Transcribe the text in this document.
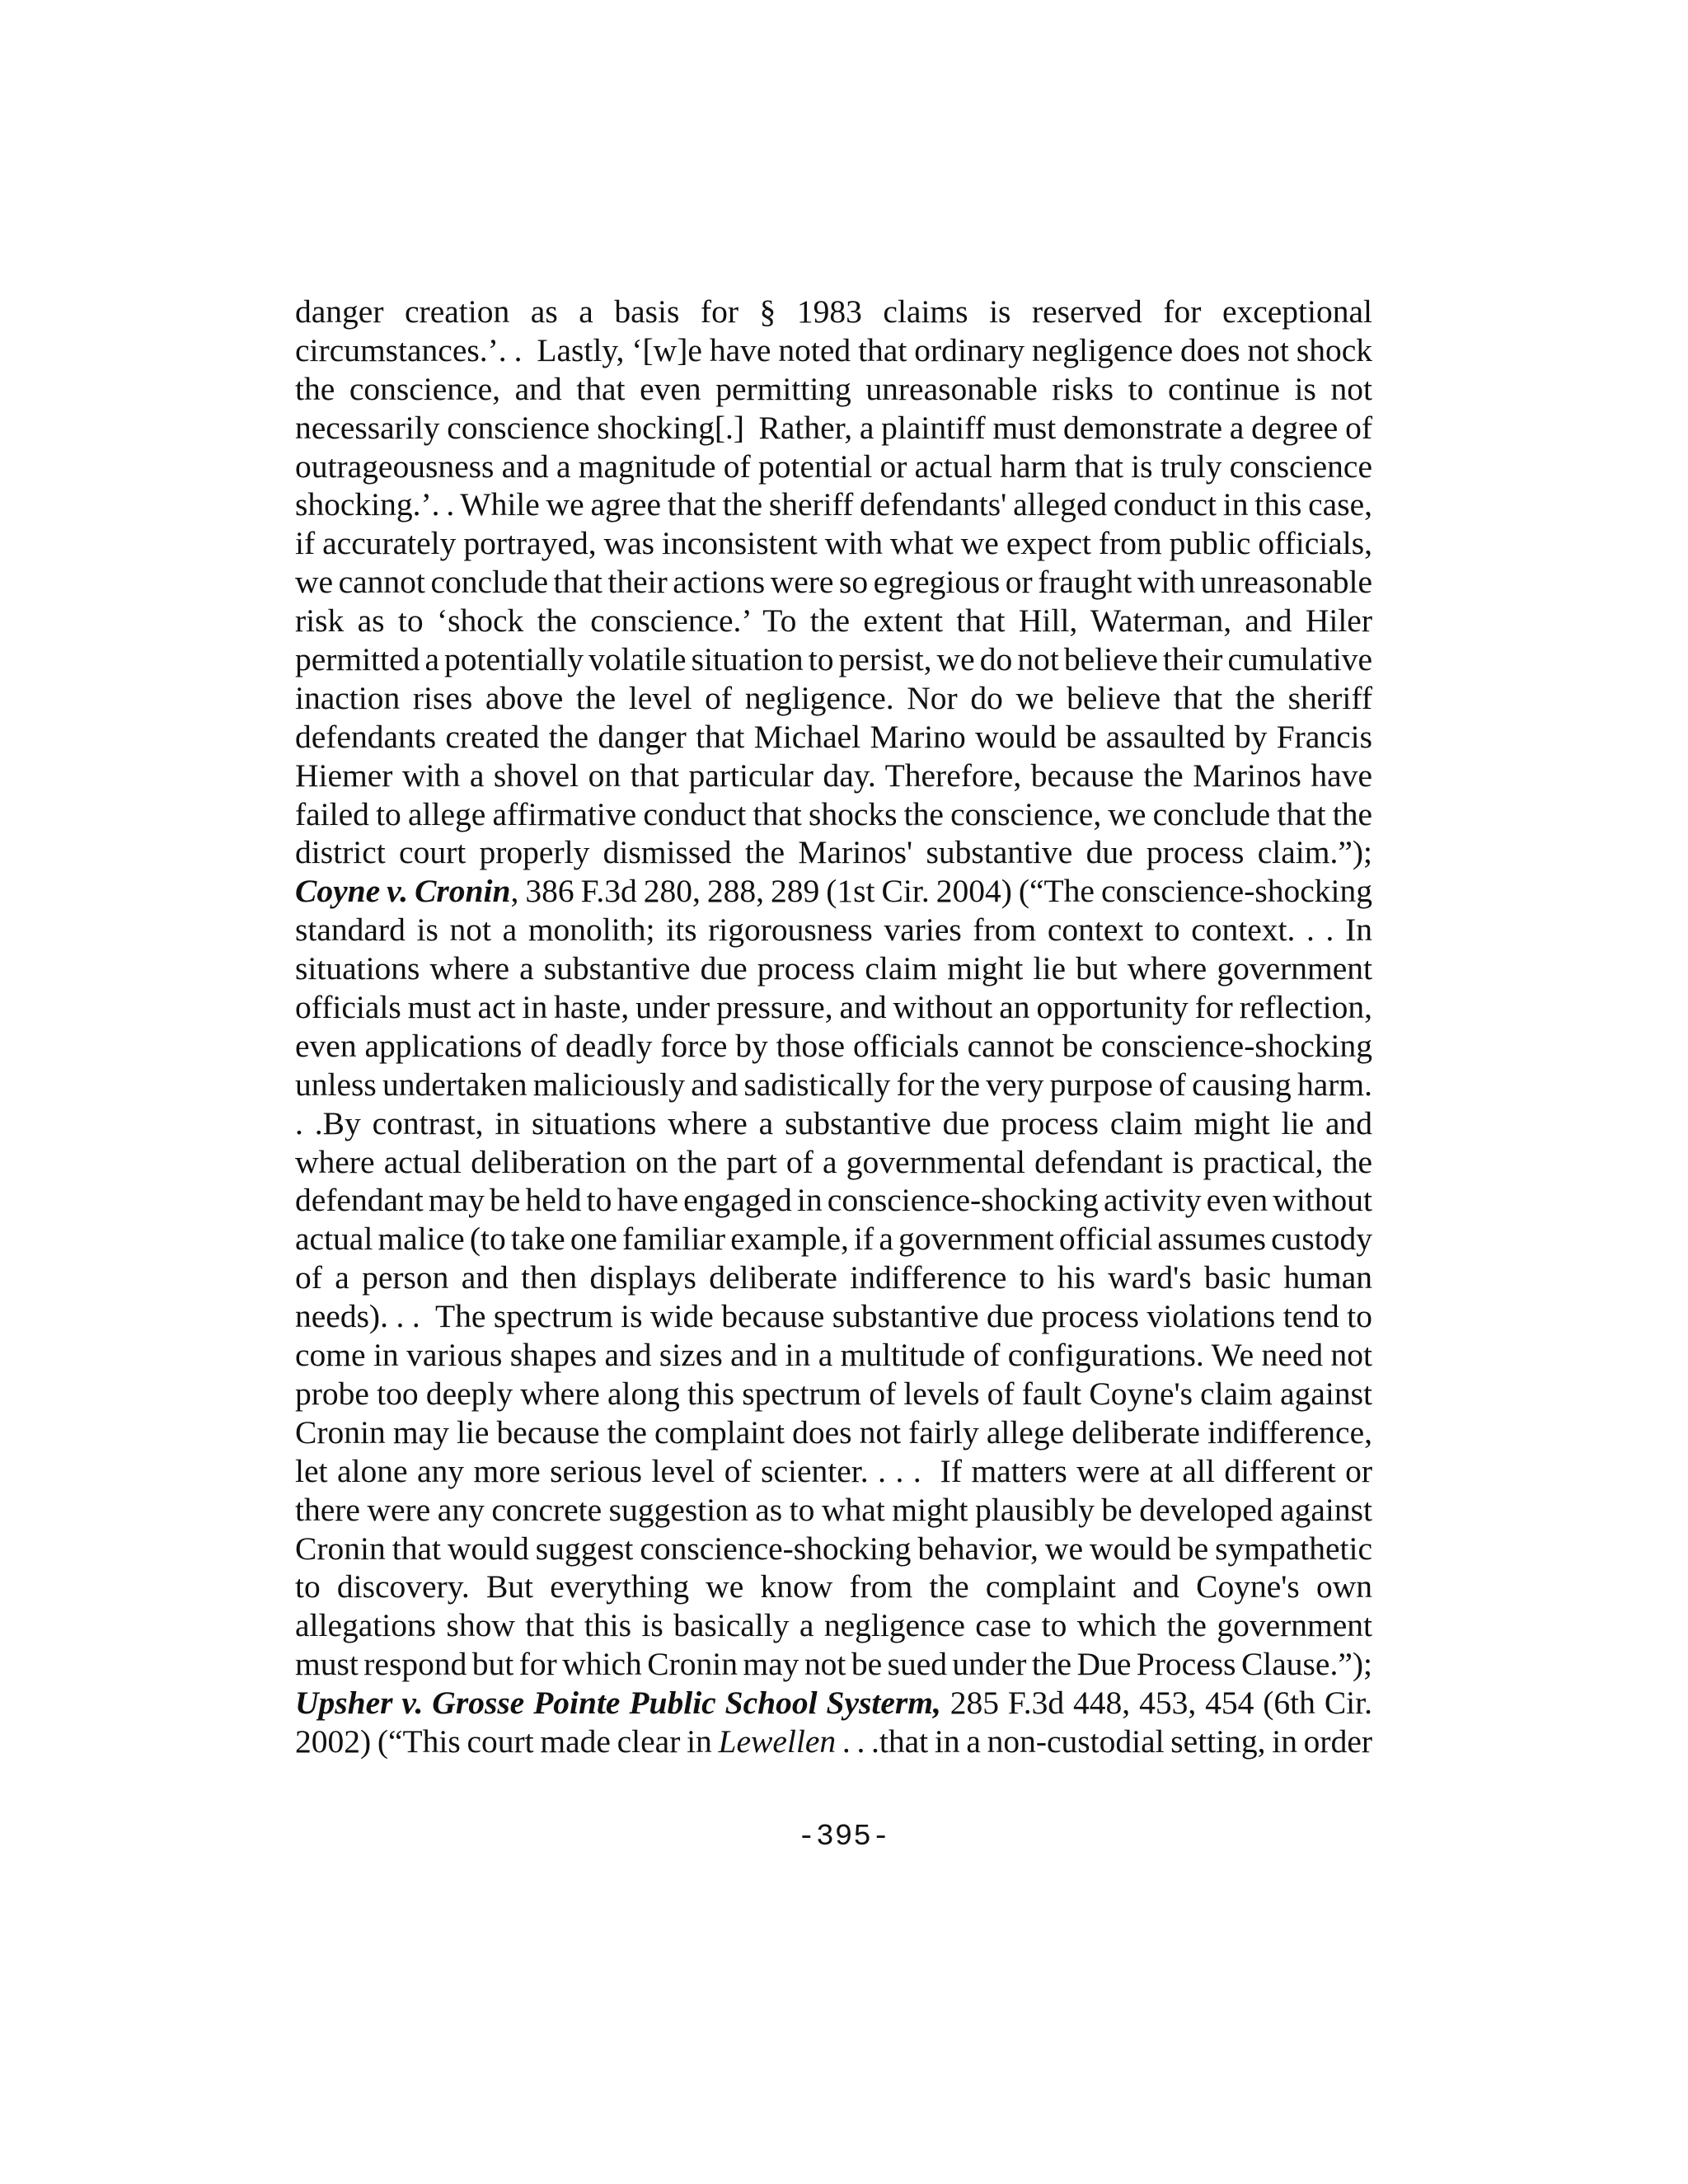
danger creation as a basis for § 1983 claims is reserved for exceptional
circumstances.’. .  Lastly, ‘[w]e have noted that ordinary negligence does not shock
the conscience, and that even permitting unreasonable risks to continue is not
necessarily conscience shocking[.]  Rather, a plaintiff must demonstrate a degree of
outrageousness and a magnitude of potential or actual harm that is truly conscience
shocking.’. . While we agree that the sheriff defendants' alleged conduct in this case,
if accurately portrayed, was inconsistent with what we expect from public officials,
we cannot conclude that their actions were so egregious or fraught with unreasonable
risk as to ‘shock the conscience.’ To the extent that Hill, Waterman, and Hiler
permitted a potentially volatile situation to persist, we do not believe their cumulative
inaction rises above the level of negligence. Nor do we believe that the sheriff
defendants created the danger that Michael Marino would be assaulted by Francis
Hiemer with a shovel on that particular day. Therefore, because the Marinos have
failed to allege affirmative conduct that shocks the conscience, we conclude that the
district court properly dismissed the Marinos' substantive due process claim.”);
Coyne v. Cronin, 386 F.3d 280, 288, 289 (1st Cir. 2004) (“The conscience-shocking
standard is not a monolith; its rigorousness varies from context to context. . . In
situations where a substantive due process claim might lie but where government
officials must act in haste, under pressure, and without an opportunity for reflection,
even applications of deadly force by those officials cannot be conscience-shocking
unless undertaken maliciously and sadistically for the very purpose of causing harm.
. .By contrast, in situations where a substantive due process claim might lie and
where actual deliberation on the part of a governmental defendant is practical, the
defendant may be held to have engaged in conscience-shocking activity even without
actual malice (to take one familiar example, if a government official assumes custody
of a person and then displays deliberate indifference to his ward's basic human
needs). . .  The spectrum is wide because substantive due process violations tend to
come in various shapes and sizes and in a multitude of configurations. We need not
probe too deeply where along this spectrum of levels of fault Coyne's claim against
Cronin may lie because the complaint does not fairly allege deliberate indifference,
let alone any more serious level of scienter. . . .  If matters were at all different or
there were any concrete suggestion as to what might plausibly be developed against
Cronin that would suggest conscience-shocking behavior, we would be sympathetic
to discovery. But everything we know from the complaint and Coyne's own
allegations show that this is basically a negligence case to which the government
must respond but for which Cronin may not be sued under the Due Process Clause.”);
Upsher v. Grosse Pointe Public School Systerm, 285 F.3d 448, 453, 454 (6th Cir.
2002) (“This court made clear in Lewellen . . .that in a non-custodial setting, in order
-395-
